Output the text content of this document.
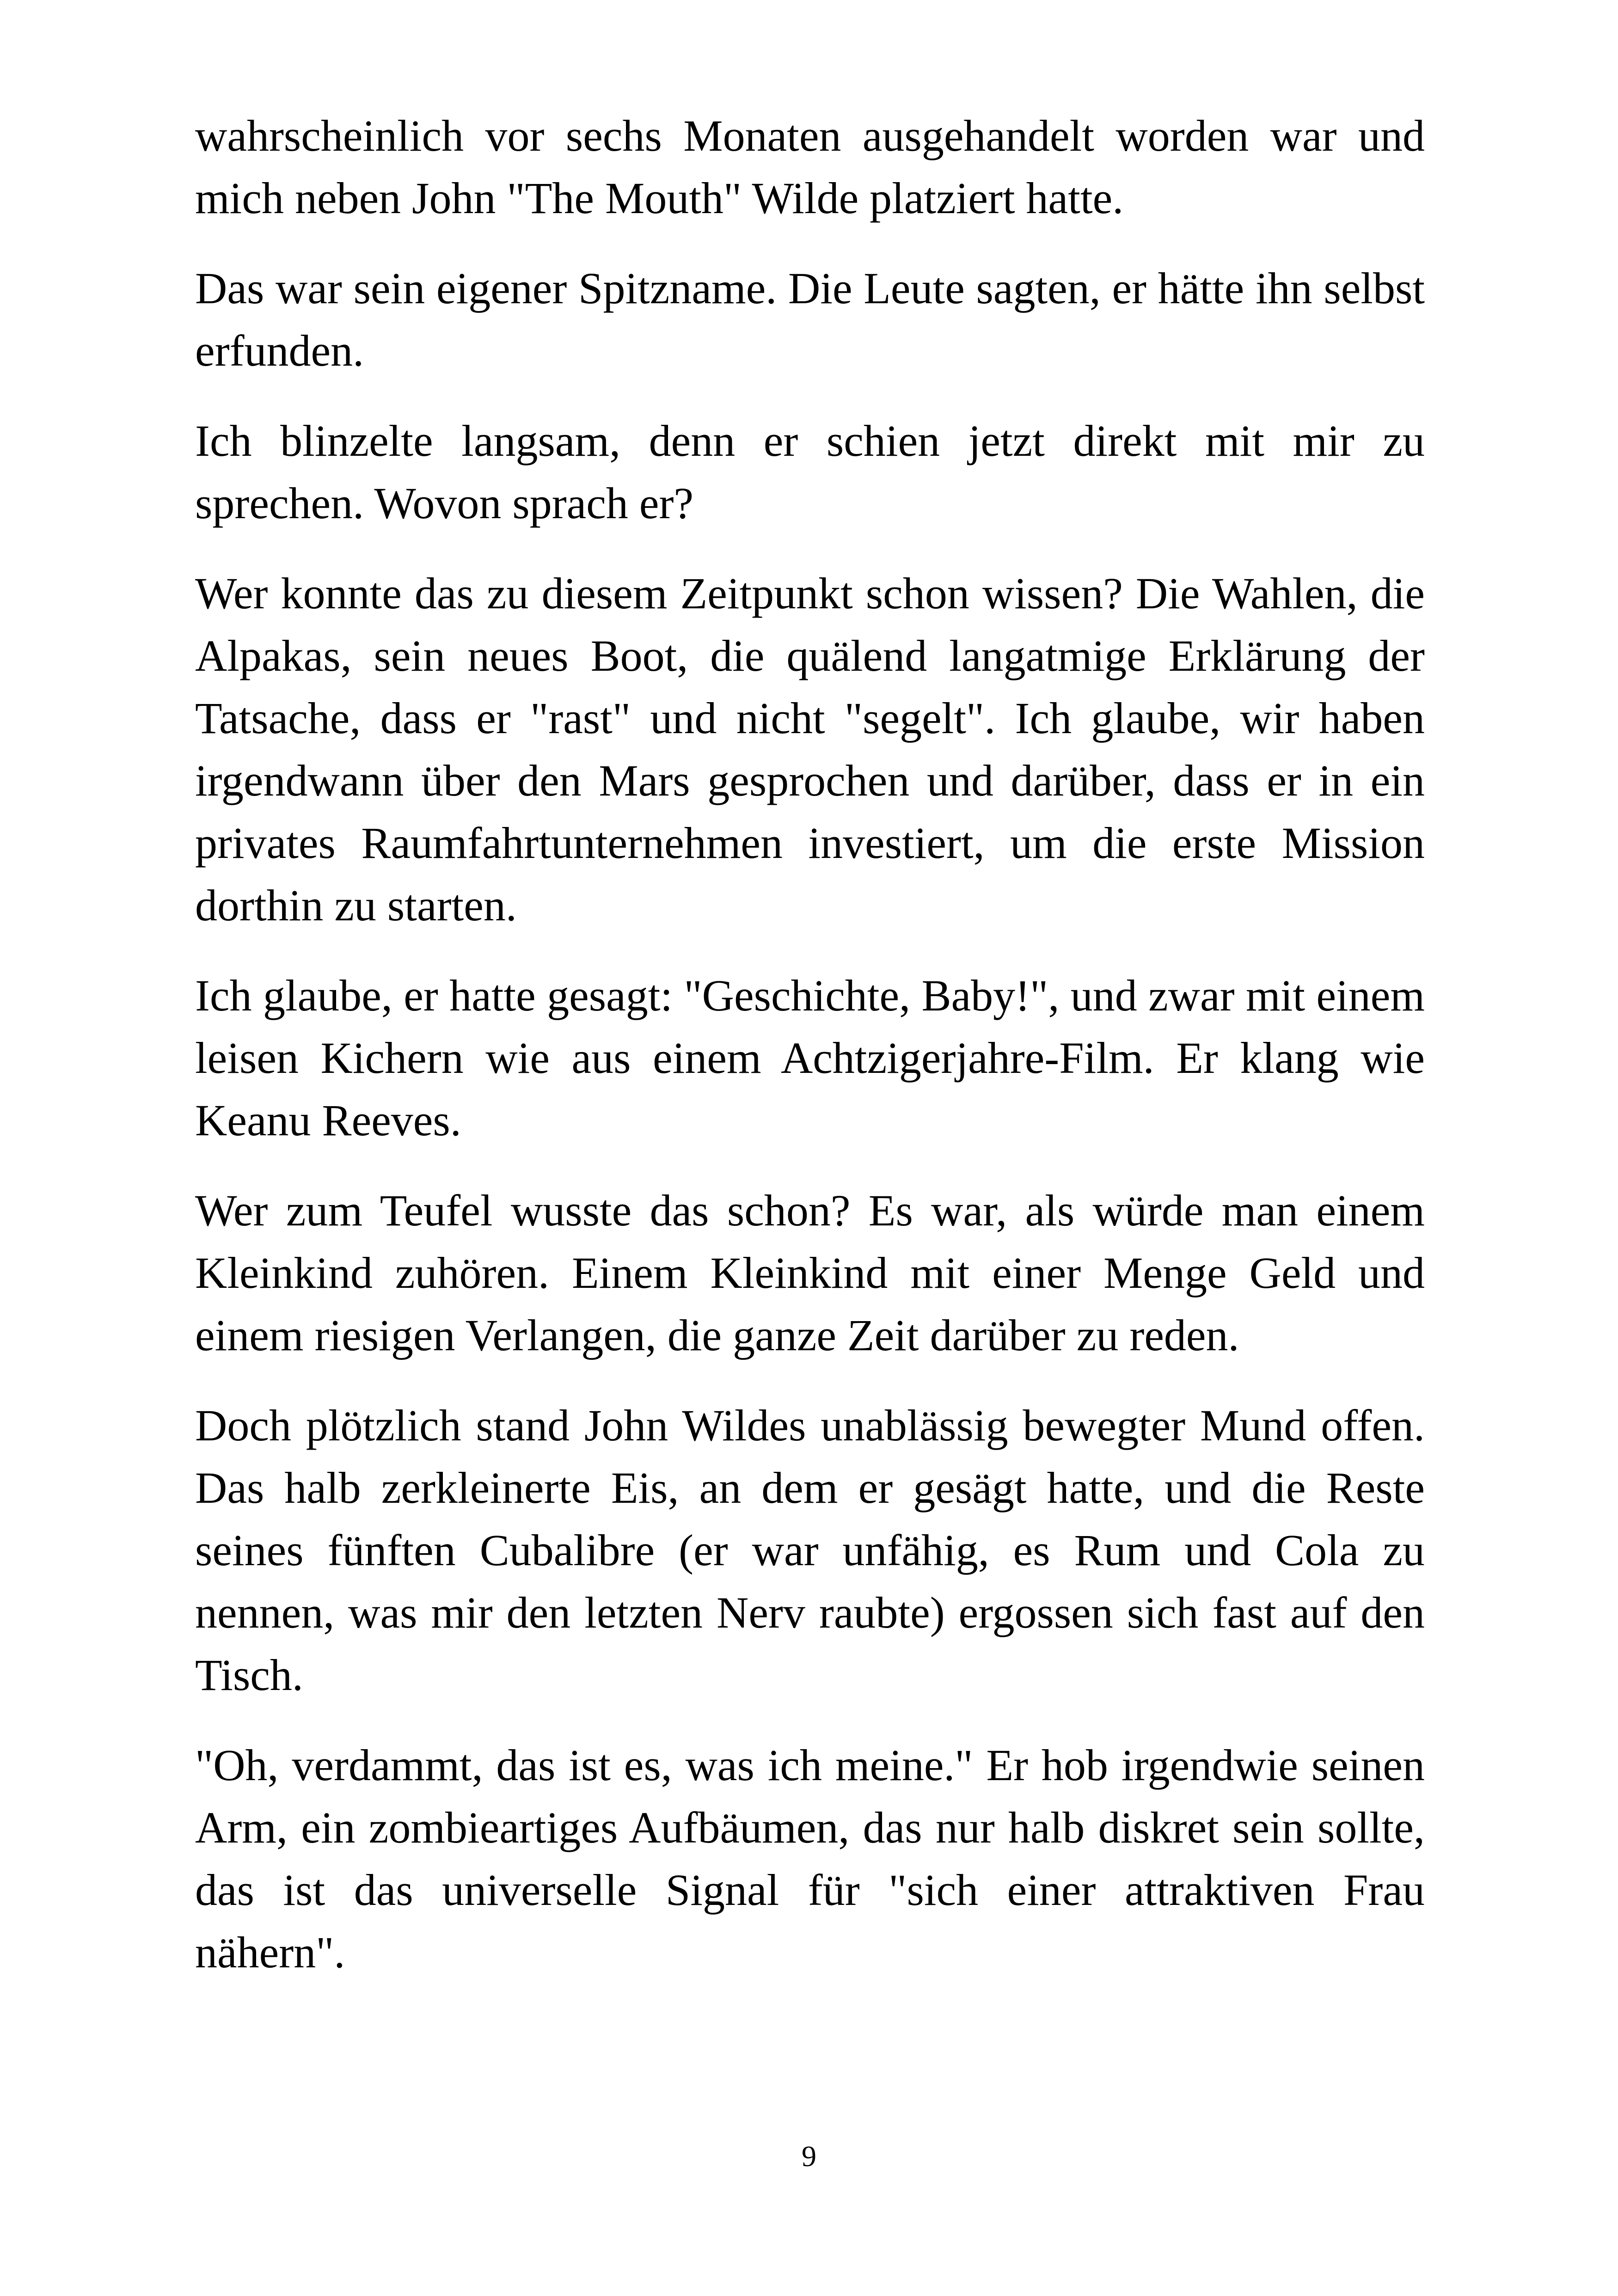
wahrscheinlich vor sechs Monaten ausgehandelt worden war und mich neben John "The Mouth" Wilde platziert hatte.

Das war sein eigener Spitzname. Die Leute sagten, er hätte ihn selbst erfunden.

Ich blinzelte langsam, denn er schien jetzt direkt mit mir zu sprechen. Wovon sprach er?

Wer konnte das zu diesem Zeitpunkt schon wissen? Die Wahlen, die Alpakas, sein neues Boot, die quälend langatmige Erklärung der Tatsache, dass er "rast" und nicht "segelt". Ich glaube, wir haben irgendwann über den Mars gesprochen und darüber, dass er in ein privates Raumfahrtunternehmen investiert, um die erste Mission dorthin zu starten.

Ich glaube, er hatte gesagt: "Geschichte, Baby!", und zwar mit einem leisen Kichern wie aus einem Achtzigerjahre-Film. Er klang wie Keanu Reeves.

Wer zum Teufel wusste das schon? Es war, als würde man einem Kleinkind zuhören. Einem Kleinkind mit einer Menge Geld und einem riesigen Verlangen, die ganze Zeit darüber zu reden.

Doch plötzlich stand John Wildes unablässig bewegter Mund offen. Das halb zerkleinerte Eis, an dem er gesägt hatte, und die Reste seines fünften Cubalibre (er war unfähig, es Rum und Cola zu nennen, was mir den letzten Nerv raubte) ergossen sich fast auf den Tisch.

"Oh, verdammt, das ist es, was ich meine." Er hob irgendwie seinen Arm, ein zombieartiges Aufbäumen, das nur halb diskret sein sollte, das ist das universelle Signal für "sich einer attraktiven Frau nähern".

9
